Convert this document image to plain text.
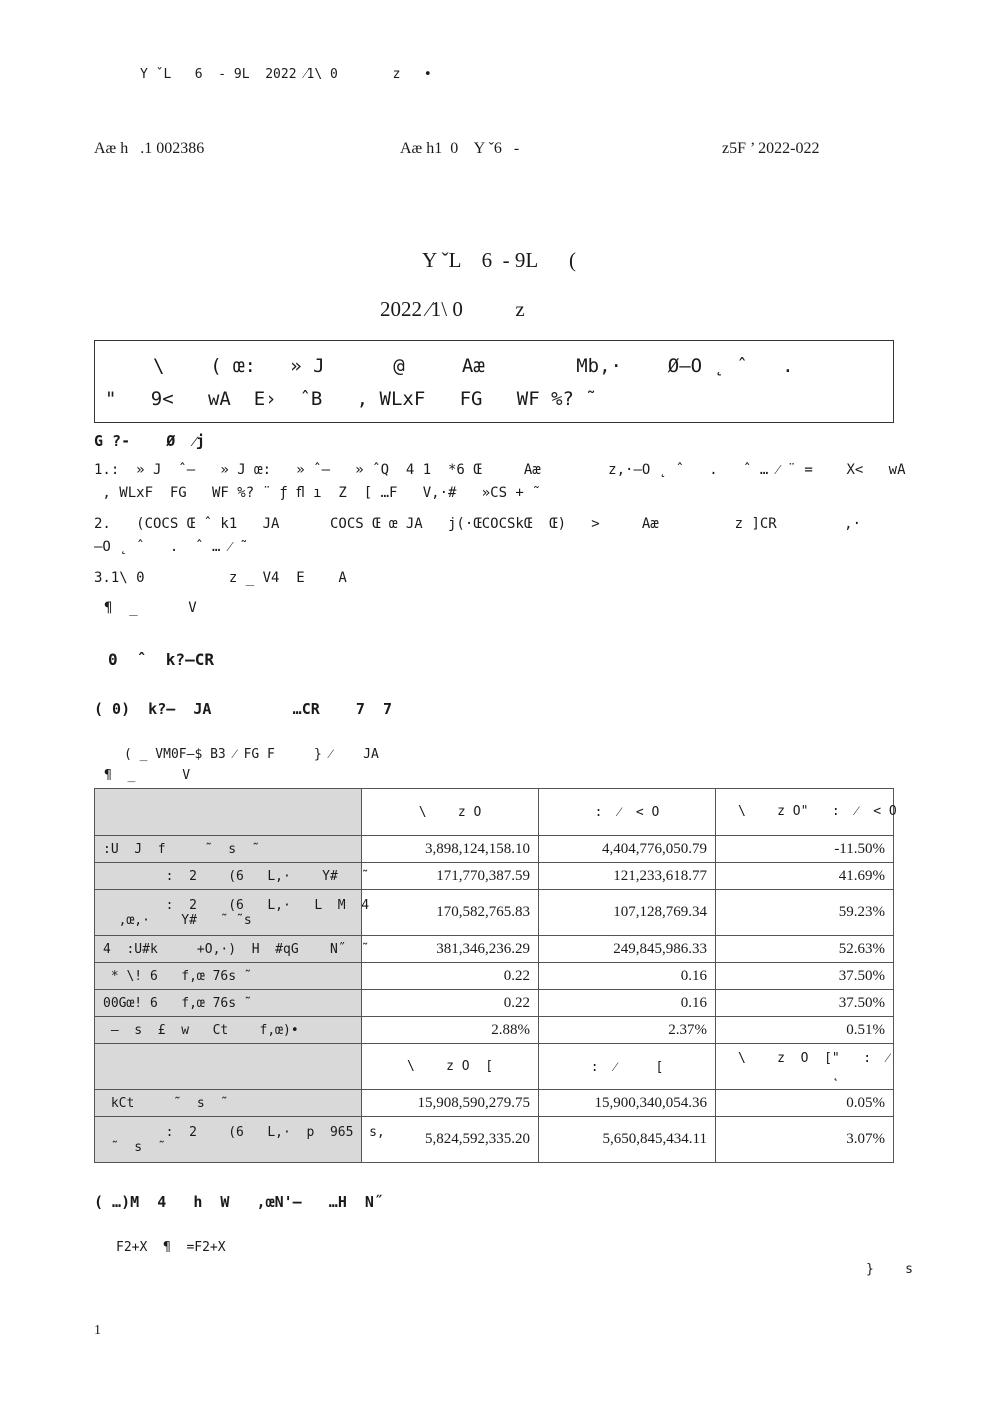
Y ˇL   6  - 9L  2022 ⁄1\ 0       z   •
Aæ h   .1 002386	Aæ h1  0    Y ˇ6   -	z5F ’ 2022-022
Y ˇL    6  - 9L      (
2022 ⁄1\ 0          z
\    ( œ:   » J      @     Aæ        Mb,·    Ø–O ˛ ˆ   .
"   9<   wA  E›  ˆB   , WLxF   FG   WF %? ˜
G ?-    Ø  ⁄j
1.:  » J  ˆ–   » J œ:   » ˆ–   » ˆQ  4 1  *6 Œ     Aæ        z,·–O ˛ ˆ   .   ˆ … ⁄ ¨ =    X<   wA
, WLxF  FG   WF %? ¨ ƒ ﬂ ı  Z  [ …F   V,·#   »CS + ˜
2.   (COCS Œ ˆ k1   JA      COCS Œ œ JA   j(·ŒCOCSkŒ  Œ)   >     Aæ         z ]CR        ,·
–O ˛ ˆ   .  ˆ … ⁄ ˜
3.1\ 0          z _ V4  E    A
¶  _      V
0  ˆ  k?–CR
( 0)  k?–  JA         …CR    7  7
( _ VM0F–$ B3 ⁄ FG F     } ⁄    JA
¶  _      V
	\    z O	:  ⁄  < O	\    z O"   :  ⁄  < O
:U  J  f     ˜  s  ˜	3,898,124,158.10	4,404,776,050.79	-11.50%
:  2    (6   L,·    Y#   ˜	171,770,387.59	121,233,618.77	41.69%
:  2    (6   L,·   L  M  4
,œ,·    Y#   ˜ ˜s	170,582,765.83	107,128,769.34	59.23%
4  :U#k     +O,·)  H  #qG    N˝  ˜	381,346,236.29	249,845,986.33	52.63%
* \! 6   f,œ 76s ˜	0.22	0.16	37.50%
00Gœ! 6   f,œ 76s ˜	0.22	0.16	37.50%
–  s  £  w   Ct    f,œ)•	2.88%	2.37%	0.51%
	\    z O  [	:  ⁄     [	\    z  O  ["   :  ⁄
˛
kCt     ˜  s  ˜	15,908,590,279.75	15,900,340,054.36	0.05%
:  2    (6   L,·  p  965  s,
˜  s  ˜	5,824,592,335.20	5,650,845,434.11	3.07%
( …)M  4   h  W   ,œN'–   …H  N˝
F2+X  ¶  =F2+X
}    s
1
